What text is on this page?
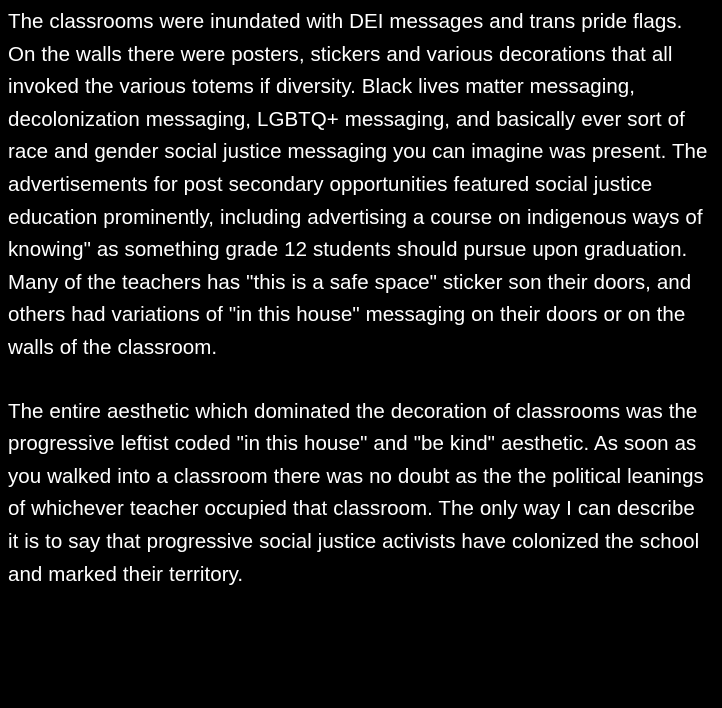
The classrooms were inundated with DEI messages and trans pride flags. On the walls there were posters, stickers and various decorations that all invoked the various totems if diversity. Black lives matter messaging, decolonization messaging, LGBTQ+ messaging, and basically ever sort of race and gender social justice messaging you can imagine was present. The advertisements for post secondary opportunities featured social justice education prominently, including advertising a course on indigenous ways of knowing" as something grade 12 students should pursue upon graduation. Many of the teachers has "this is a safe space" sticker son their doors, and others had variations of "in this house" messaging on their doors or on the walls of the classroom.

The entire aesthetic which dominated the decoration of classrooms was the progressive leftist coded "in this house" and "be kind" aesthetic. As soon as you walked into a classroom there was no doubt as the the political leanings of whichever teacher occupied that classroom. The only way I can describe it is to say that progressive social justice activists have colonized the school and marked their territory.
